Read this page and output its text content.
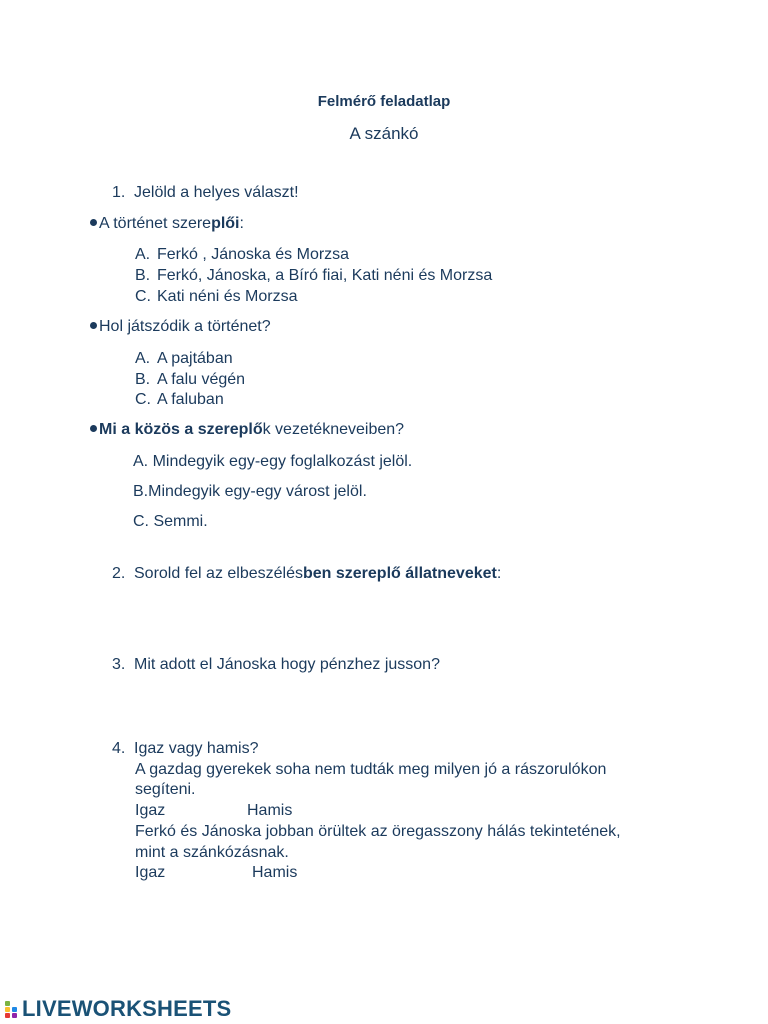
Felmérő feladatlap
A szánkó
1. Jelöld a helyes választ!
A történet szereplői:
A. Ferkó , Jánoska és Morzsa
B. Ferkó, Jánoska, a Bíró fiai, Kati néni és Morzsa
C. Kati néni és Morzsa
Hol játszódik a történet?
A. A pajtában
B. A falu végén
C. A faluban
Mi a közös a szereplők vezetékneveiben?
A. Mindegyik egy-egy foglalkozást jelöl.
B.Mindegyik egy-egy várost jelöl.
C. Semmi.
2. Sorold fel az elbeszélésben szereplő állatneveket:
3. Mit adott el Jánoska hogy pénzhez jusson?
4. Igaz vagy hamis?
A gazdag gyerekek soha nem tudták meg milyen jó a rászorulókon
segíteni.
Igaz	Hamis
Ferkó és Jánoska jobban örültek az öregasszony hálás tekintetének,
mint a szánkózásnak.
Igaz	Hamis
LIVEWORKSHEETS
